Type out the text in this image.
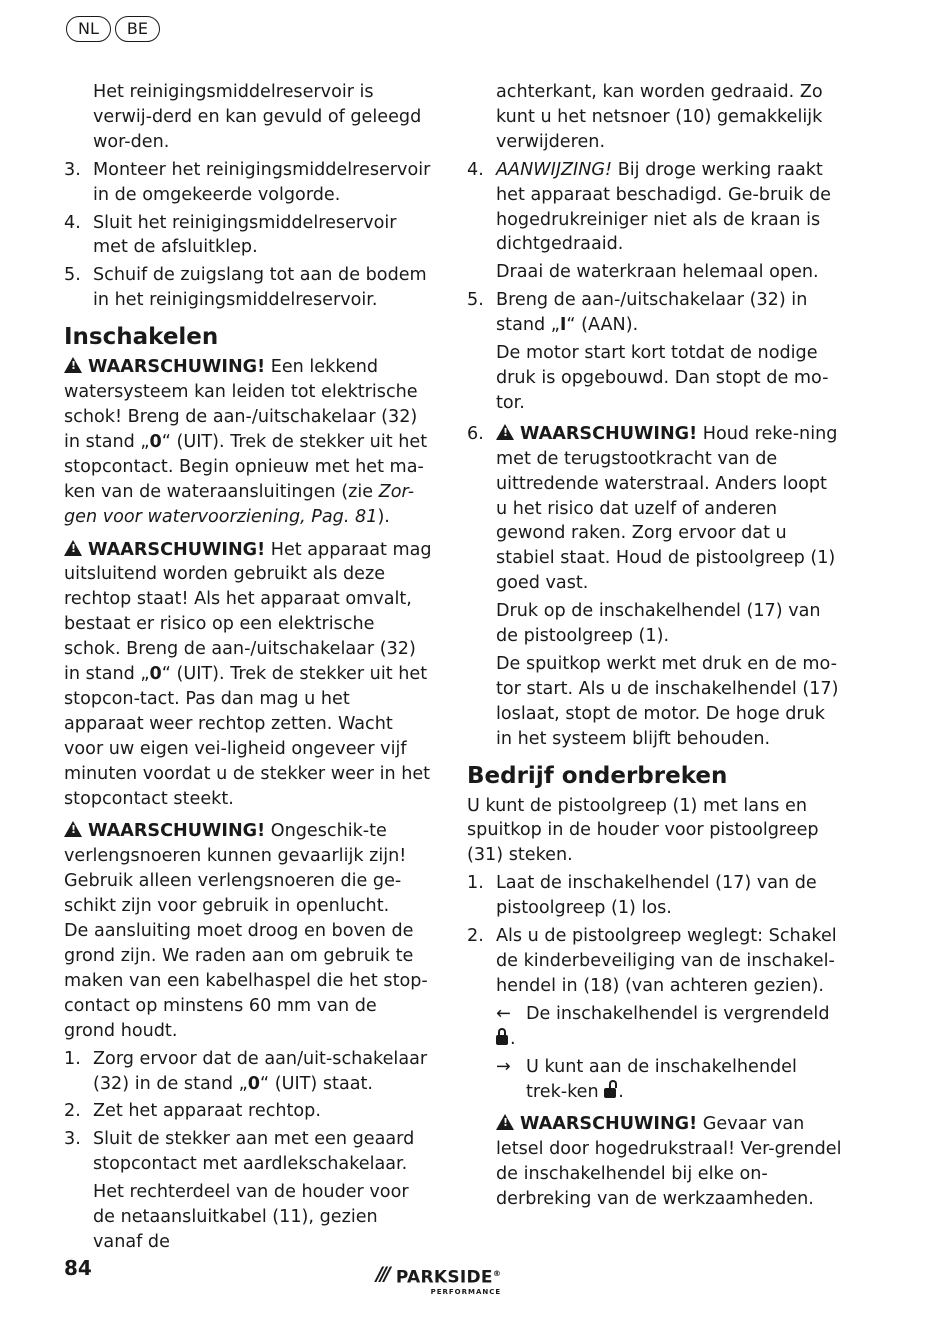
NL	BE

Het reinigingsmiddelreservoir is verwij-derd en kan gevuld of geleegd wor-den.

3. Monteer het reinigingsmiddelreservoir in de omgekeerde volgorde.
4. Sluit het reinigingsmiddelreservoir met de afsluitklep.
5. Schuif de zuigslang tot aan de bodem in het reinigingsmiddelreservoir.
Inschakelen

!WAARSCHUWING! Een lekkend watersysteem kan leiden tot elektrische schok! Breng de aan-/uitschakelaar (32) in stand „0“ (UIT). Trek de stekker uit het stopcontact. Begin opnieuw met het ma-ken van de wateraansluitingen (zie Zor-gen voor watervoorziening, Pag. 81).

!WAARSCHUWING! Het apparaat mag uitsluitend worden gebruikt als deze rechtop staat! Als het apparaat omvalt, bestaat er risico op een elektrische schok. Breng de aan-/uitschakelaar (32) in stand „0“ (UIT). Trek de stekker uit het stopcon-tact. Pas dan mag u het apparaat weer rechtop zetten. Wacht voor uw eigen vei-ligheid ongeveer vijf minuten voordat u de stekker weer in het stopcontact steekt.

!WAARSCHUWING! Ongeschik-te verlengsnoeren kunnen gevaarlijk zijn! Gebruik alleen verlengsnoeren die ge-schikt zijn voor gebruik in openlucht.

De aansluiting moet droog en boven de grond zijn. We raden aan om gebruik te maken van een kabelhaspel die het stop-contact op minstens 60 mm van de grond houdt.

1. Zorg ervoor dat de aan/uit-schakelaar (32) in de stand „0“ (UIT) staat.
2. Zet het apparaat rechtop.
3. Sluit de stekker aan met een geaard stopcontact met aardlekschakelaar.

Het rechterdeel van de houder voor de netaansluitkabel (11), gezien vanaf de

achterkant, kan worden gedraaid. Zo kunt u het netsnoer (10) gemakkelijk verwijderen.

4. AANWIJZING! Bij droge werking raakt het apparaat beschadigd. Ge-bruik de hogedrukreiniger niet als de kraan is dichtgedraaid.

Draai de waterkraan helemaal open.

5. Breng de aan-/uitschakelaar (32) in stand „I“ (AAN).

De motor start kort totdat de nodige druk is opgebouwd. Dan stopt de mo-tor.

6.
! WAARSCHUWING! Houd reke-ning met de terugstootkracht van de uittredende waterstraal. Anders loopt u het risico dat uzelf of anderen gewond raken. Zorg ervoor dat u stabiel staat. Houd de pistoolgreep (1) goed vast.

Druk op de inschakelhendel (17) van de pistoolgreep (1).

De spuitkop werkt met druk en de mo-tor start. Als u de inschakelhendel (17) loslaat, stopt de motor. De hoge druk in het systeem blijft behouden.

Bedrijf onderbreken

U kunt de pistoolgreep (1) met lans en spuitkop in de houder voor pistoolgreep (31) steken.

1. Laat de inschakelhendel (17) van de pistoolgreep (1) los.
2. Als u de pistoolgreep weglegt: Schakel de kinderbeveiliging van de inschakel-hendel in (18) (van achteren gezien).
← De inschakelhendel is vergrendeld
.
→ U kunt aan de inschakelhendel trek-ken .

!WAARSCHUWING! Gevaar van letsel door hogedrukstraal! Ver-grendel de inschakelhendel bij elke on-derbreking van de werkzaamheden.

84	/// PARKSIDE®
PERFORMANCE
